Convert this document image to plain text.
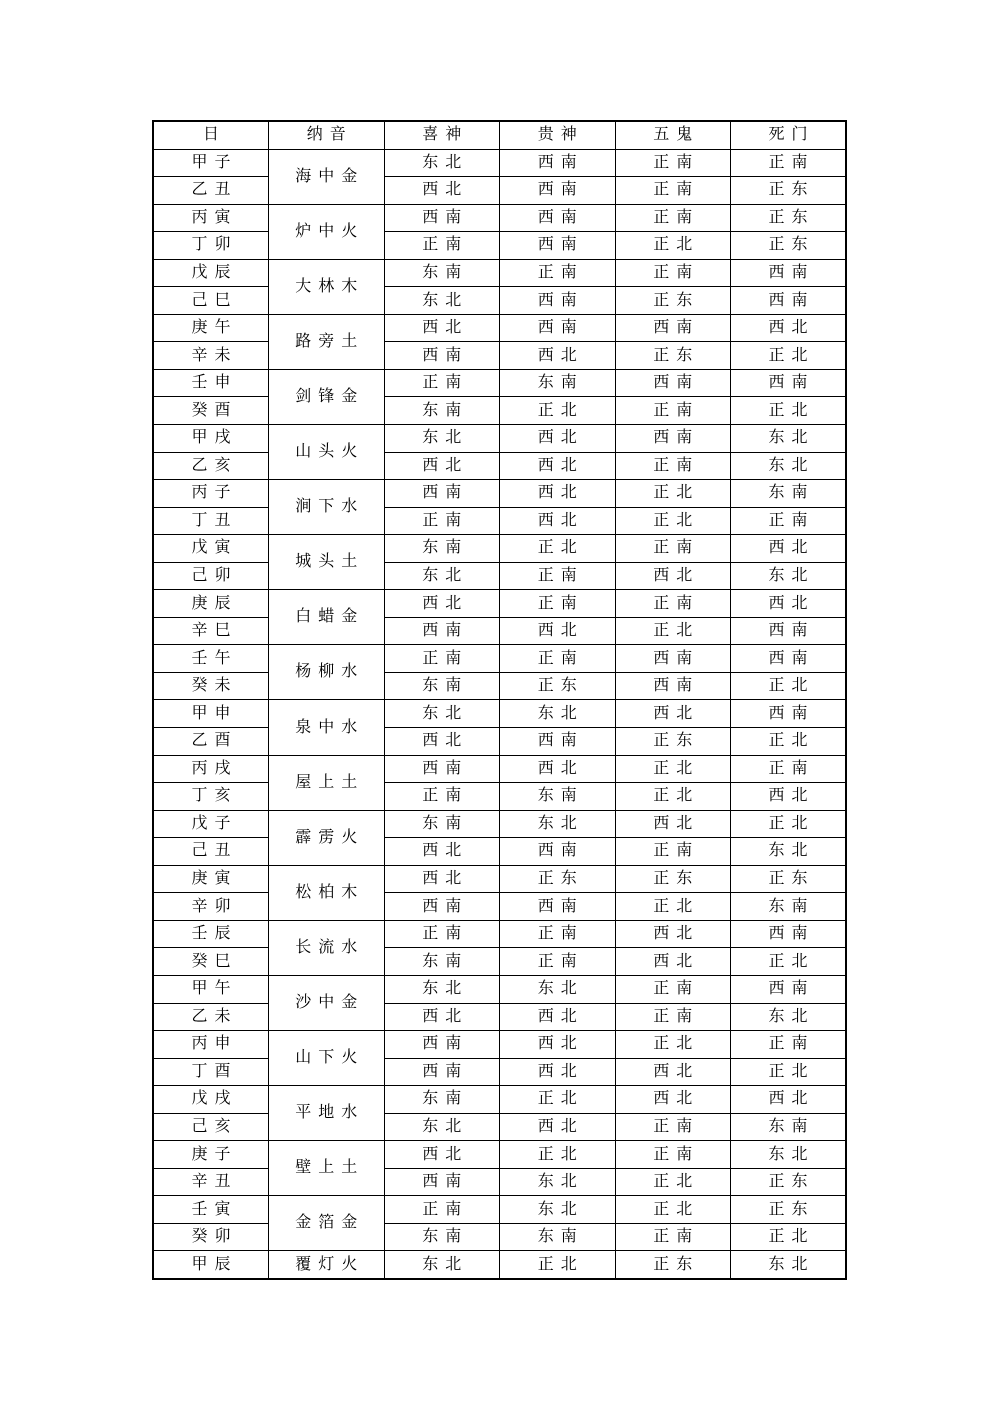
日	纳音	喜神	贵神	五鬼	死门
甲子	海中金	东北	西南	正南	正南
乙丑		西北	西南	正南	正东
丙寅	炉中火	西南	西南	正南	正东
丁卯		正南	西南	正北	正东
戊辰	大林木	东南	正南	正南	西南
己巳		东北	西南	正东	西南
庚午	路旁土	西北	西南	西南	西北
辛未		西南	西北	正东	正北
壬申	剑锋金	正南	东南	西南	西南
癸酉		东南	正北	正南	正北
甲戌	山头火	东北	西北	西南	东北
乙亥		西北	西北	正南	东北
丙子	涧下水	西南	西北	正北	东南
丁丑		正南	西北	正北	正南
戊寅	城头土	东南	正北	正南	西北
己卯		东北	正南	西北	东北
庚辰	白蜡金	西北	正南	正南	西北
辛巳		西南	西北	正北	西南
壬午	杨柳水	正南	正南	西南	西南
癸未		东南	正东	西南	正北
甲申	泉中水	东北	东北	西北	西南
乙酉		西北	西南	正东	正北
丙戌	屋上土	西南	西北	正北	正南
丁亥		正南	东南	正北	西北
戊子	霹雳火	东南	东北	西北	正北
己丑		西北	西南	正南	东北
庚寅	松柏木	西北	正东	正东	正东
辛卯		西南	西南	正北	东南
壬辰	长流水	正南	正南	西北	西南
癸巳		东南	正南	西北	正北
甲午	沙中金	东北	东北	正南	西南
乙未		西北	西北	正南	东北
丙申	山下火	西南	西北	正北	正南
丁酉		西南	西北	西北	正北
戊戌	平地水	东南	正北	西北	西北
己亥		东北	西北	正南	东南
庚子	壁上土	西北	正北	正南	东北
辛丑		西南	东北	正北	正东
壬寅	金箔金	正南	东北	正北	正东
癸卯		东南	东南	正南	正北
甲辰	覆灯火	东北	正北	正东	东北
